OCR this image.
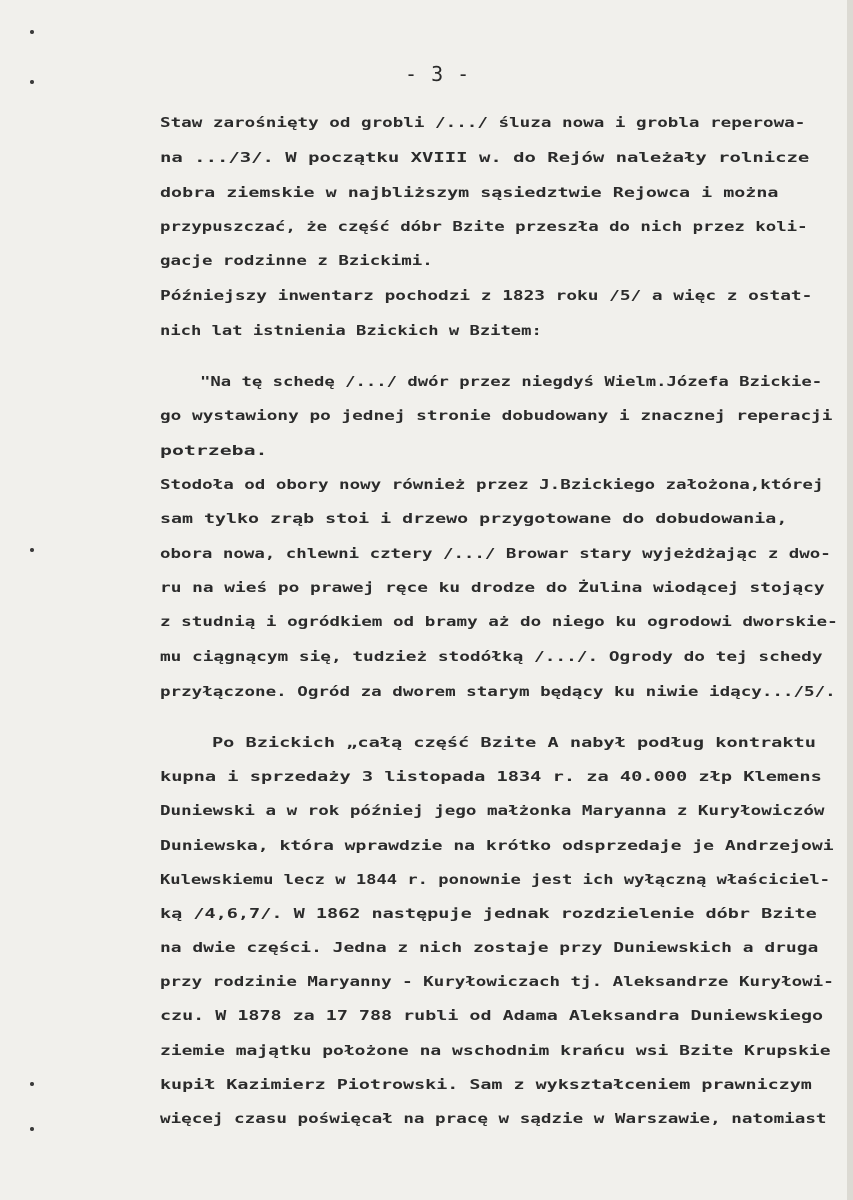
- 3 -
Staw zarośnięty od grobli /.../ śluza nowa i grobla reperowa-
na .../3/. W początku XVIII w. do Rejów należały rolnicze
dobra ziemskie w najbliższym sąsiedztwie Rejowca i można
przypuszczać, że część dóbr Bzite przeszła do nich przez koli-
gacje rodzinne z Bzickimi.
Późniejszy inwentarz pochodzi z 1823 roku /5/ a więc z ostat-
nich lat istnienia Bzickich w Bzitem:
"Na tę schedę /.../ dwór przez niegdyś Wielm.Józefa Bzickie-
go wystawiony po jednej stronie dobudowany i znacznej reperacji
potrzeba.
Stodoła od obory nowy również przez J.Bzickiego założona,której
sam tylko zrąb stoi i drzewo przygotowane do dobudowania,
obora nowa, chlewni cztery /.../ Browar stary wyjeżdżając z dwo-
ru na wieś po prawej ręce ku drodze do Żulina wiodącej stojący
z studnią i ogródkiem od bramy aż do niego ku ogrodowi dworskie-
mu ciągnącym się, tudzież stodółką /.../. Ogrody do tej schedy
przyłączone. Ogród za dworem starym będący ku niwie idący.../5/.
Po Bzickich „całą część Bzite A nabył podług kontraktu
kupna i sprzedaży 3 listopada 1834 r. za 40.000 złp Klemens
Duniewski a w rok później jego małżonka Maryanna z Kuryłowiczów
Duniewska, która wprawdzie na krótko odsprzedaje je Andrzejowi
Kulewskiemu lecz w 1844 r. ponownie jest ich wyłączną właściciel-
ką /4,6,7/. W 1862 następuje jednak rozdzielenie dóbr Bzite
na dwie części. Jedna z nich zostaje przy Duniewskich a druga
przy rodzinie Maryanny - Kuryłowiczach tj. Aleksandrze Kuryłowi-
czu. W 1878 za 17 788 rubli od Adama Aleksandra Duniewskiego
ziemie majątku położone na wschodnim krańcu wsi Bzite Krupskie
kupił Kazimierz Piotrowski. Sam z wykształceniem prawniczym
więcej czasu poświęcał na pracę w sądzie w Warszawie, natomiast
